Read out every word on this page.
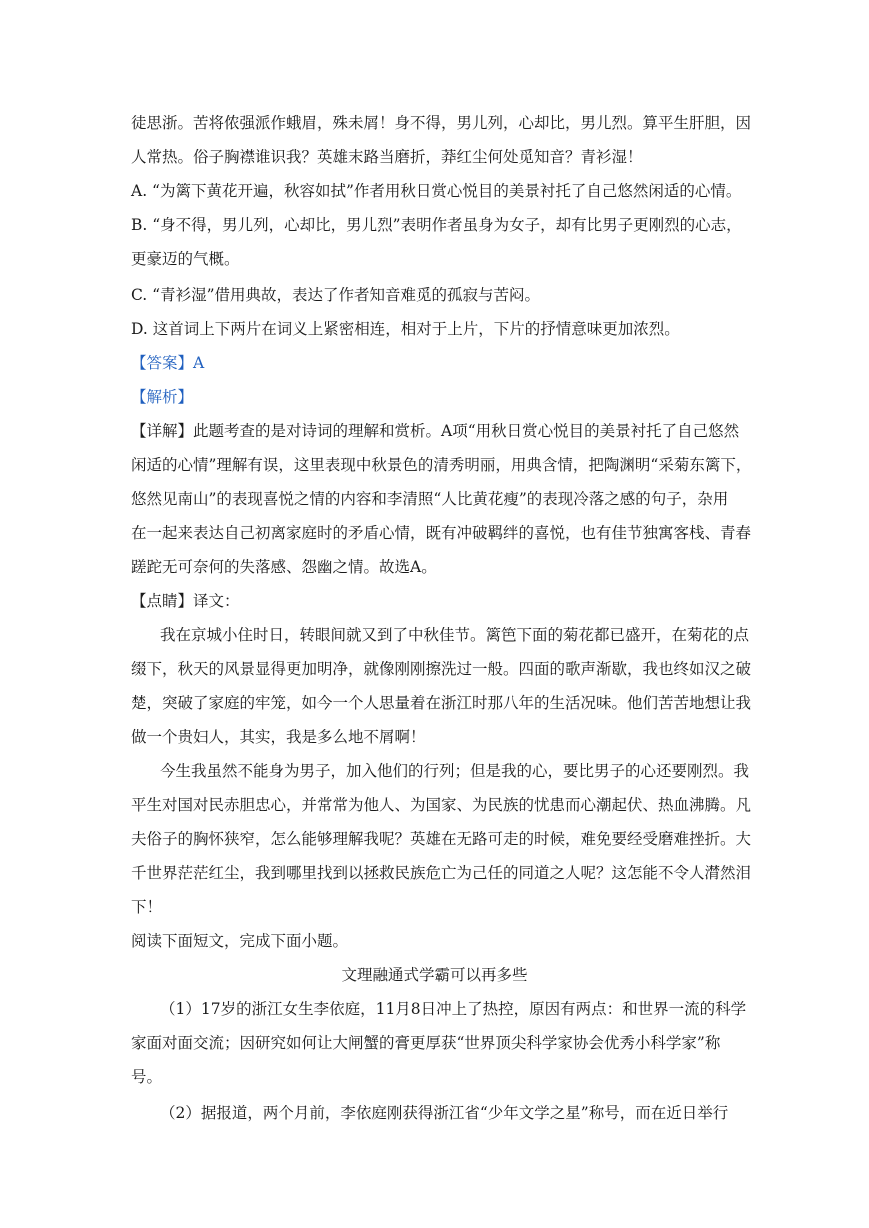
徒思浙。苦将侬强派作蛾眉，殊未屑！身不得，男儿列，心却比，男儿烈。算平生肝胆，因
人常热。俗子胸襟谁识我？英雄末路当磨折，莽红尘何处觅知音？青衫湿！
A. “为篱下黄花开遍，秋容如拭”作者用秋日赏心悦目的美景衬托了自己悠然闲适的心情。
B. “身不得，男儿列，心却比，男儿烈”表明作者虽身为女子，却有比男子更刚烈的心志，
更豪迈的气概。
C. “青衫湿”借用典故，表达了作者知音难觅的孤寂与苦闷。
D. 这首词上下两片在词义上紧密相连，相对于上片，下片的抒情意味更加浓烈。
【答案】A
【解析】
【详解】此题考查的是对诗词的理解和赏析。A项“用秋日赏心悦目的美景衬托了自己悠然
闲适的心情”理解有误，这里表现中秋景色的清秀明丽，用典含情，把陶渊明“采菊东篱下，
悠然见南山”的表现喜悦之情的内容和李清照“人比黄花瘦”的表现冷落之感的句子，杂用
在一起来表达自己初离家庭时的矛盾心情，既有冲破羁绊的喜悦，也有佳节独寓客栈、青春
蹉跎无可奈何的失落感、怨幽之情。故选A。
【点睛】译文：
我在京城小住时日，转眼间就又到了中秋佳节。篱笆下面的菊花都已盛开，在菊花的点
缀下，秋天的风景显得更加明净，就像刚刚擦洗过一般。四面的歌声渐歇，我也终如汉之破
楚，突破了家庭的牢笼，如今一个人思量着在浙江时那八年的生活况味。他们苦苦地想让我
做一个贵妇人，其实，我是多么地不屑啊！
今生我虽然不能身为男子，加入他们的行列；但是我的心，要比男子的心还要刚烈。我
平生对国对民赤胆忠心，并常常为他人、为国家、为民族的忧患而心潮起伏、热血沸腾。凡
夫俗子的胸怀狭窄，怎么能够理解我呢？英雄在无路可走的时候，难免要经受磨难挫折。大
千世界茫茫红尘，我到哪里找到以拯救民族危亡为己任的同道之人呢？这怎能不令人潸然泪
下！
阅读下面短文，完成下面小题。
文理融通式学霸可以再多些
（1）17岁的浙江女生李依庭，11月8日冲上了热控，原因有两点：和世界一流的科学
家面对面交流；因研究如何让大闸蟹的膏更厚获“世界顶尖科学家协会优秀小科学家”称
号。
（2）据报道，两个月前，李依庭刚获得浙江省“少年文学之星”称号，而在近日举行
